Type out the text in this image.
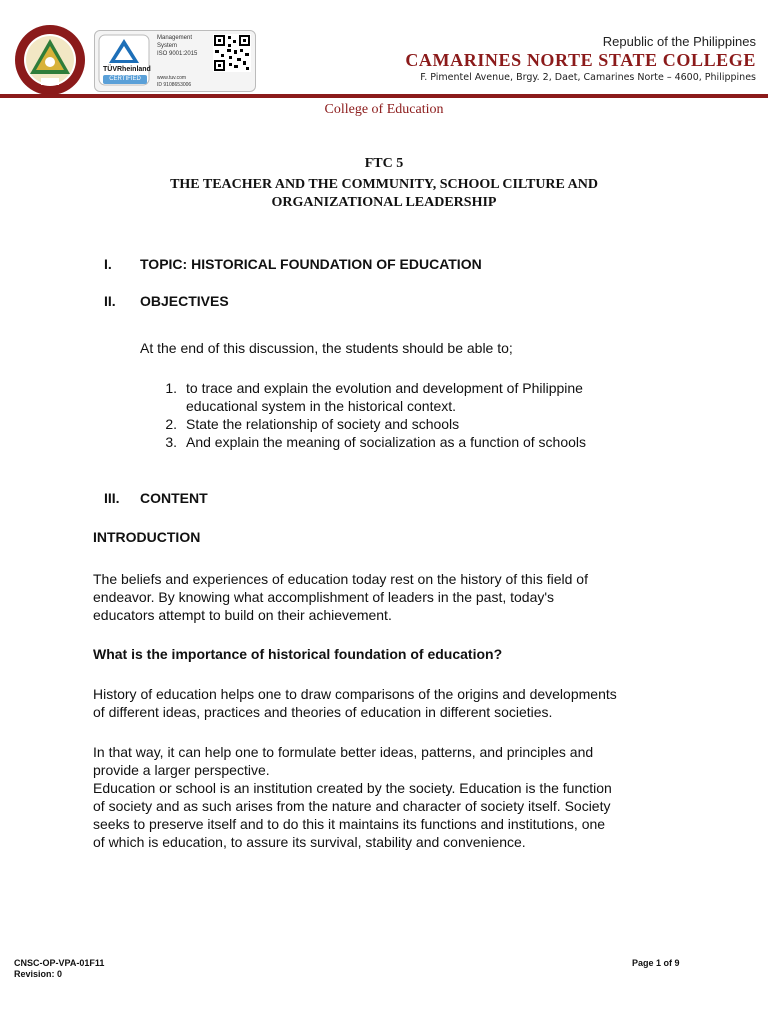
TÜVRheinland
CERTIFIED
Management
System
ISO 9001:2015
www.tuv.com
ID 9108653006
Republic of the Philippines
CAMARINES NORTE STATE COLLEGE
F. Pimentel Avenue, Brgy. 2, Daet, Camarines Norte – 4600, Philippines
College of Education
FTC 5
THE TEACHER AND THE COMMUNITY, SCHOOL CILTURE AND
ORGANIZATIONAL LEADERSHIP
I.	TOPIC: HISTORICAL FOUNDATION OF EDUCATION
II.	OBJECTIVES
At the end of this discussion, the students should be able to;
1. to trace and explain the evolution and development of Philippine
educational system in the historical context.
2. State the relationship of society and schools
3. And explain the meaning of socialization as a function of schools
III.	CONTENT
INTRODUCTION
The beliefs and experiences of education today rest on the history of this field of
endeavor. By knowing what accomplishment of leaders in the past, today's
educators attempt to build on their achievement.
What is the importance of historical foundation of education?
History of education helps one to draw comparisons of the origins and developments
of different ideas, practices and theories of education in different societies.
In that way, it can help one to formulate better ideas, patterns, and principles and
provide a larger perspective.
Education or school is an institution created by the society. Education is the function
of society and as such arises from the nature and character of society itself. Society
seeks to preserve itself and to do this it maintains its functions and institutions, one
of which is education, to assure its survival, stability and convenience.
CNSC-OP-VPA-01F11
Revision: 0
Page 1 of 9
